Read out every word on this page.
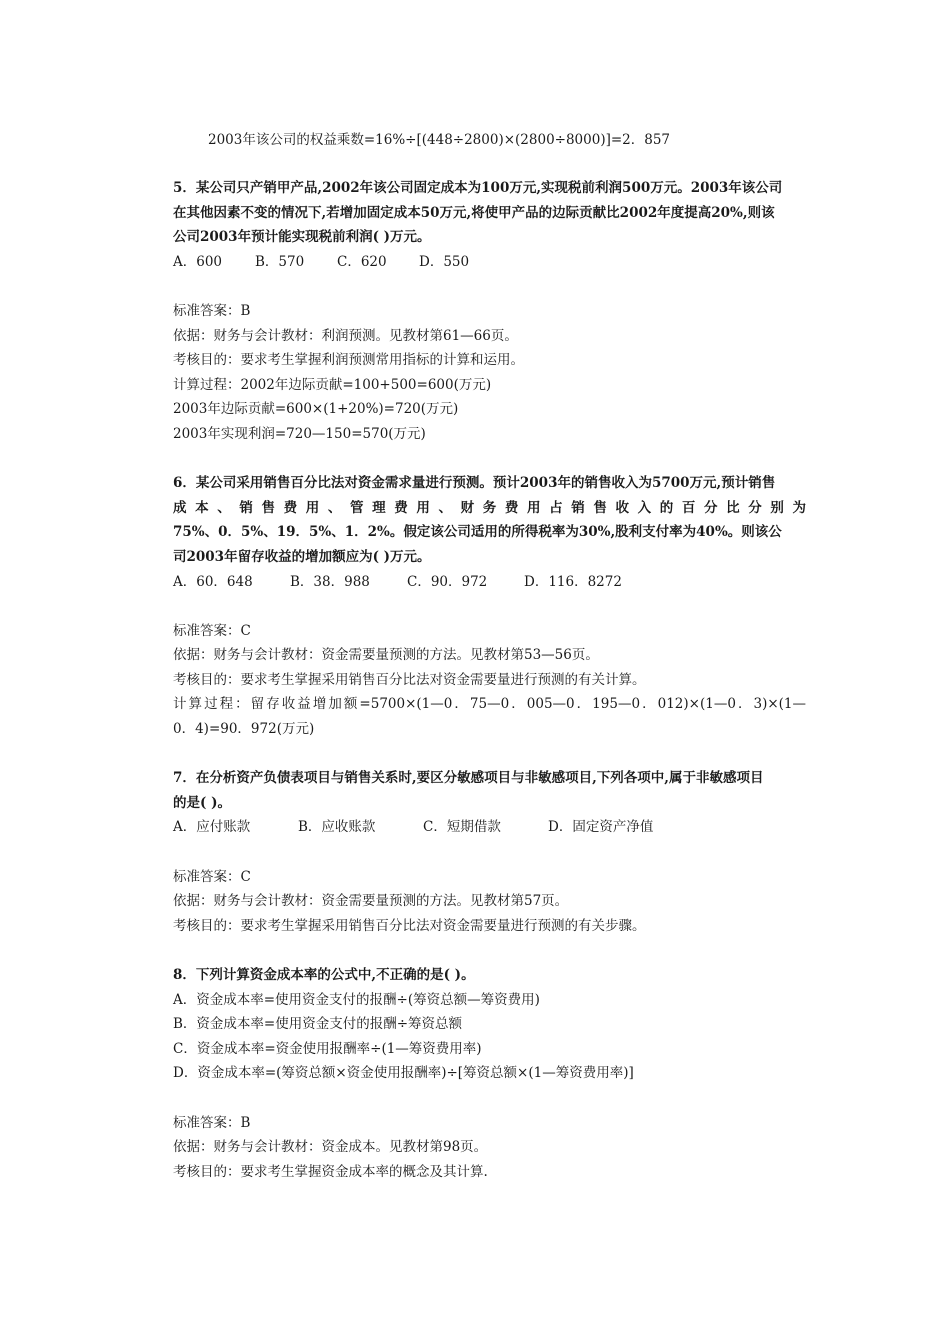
2003年该公司的权益乘数=16%÷[(448÷2800)×(2800÷8000)]=2．857
5．某公司只产销甲产品,2002年该公司固定成本为100万元,实现税前利润500万元。2003年该公司
在其他因素不变的情况下,若增加固定成本50万元,将使甲产品的边际贡献比2002年度提高20%,则该
公司2003年预计能实现税前利润( )万元。
A．600	B．570	C．620	D．550
标准答案：B
依据：财务与会计教材：利润预测。见教材第61—66页。
考核目的：要求考生掌握利润预测常用指标的计算和运用。
计算过程：2002年边际贡献=100+500=600(万元)
2003年边际贡献=600×(1+20%)=720(万元)
2003年实现利润=720—150=570(万元)
6．某公司采用销售百分比法对资金需求量进行预测。预计2003年的销售收入为5700万元,预计销售
成本、销售费用、管理费用、财务费用占销售收入的百分比分别为
75%、0．5%、19．5%、1．2%。假定该公司适用的所得税率为30%,股利支付率为40%。则该公
司2003年留存收益的增加额应为( )万元。
A．60．648	B．38．988	C．90．972	D．116．8272
标准答案：C
依据：财务与会计教材：资金需要量预测的方法。见教材第53—56页。
考核目的：要求考生掌握采用销售百分比法对资金需要量进行预测的有关计算。
计算过程：留存收益增加额=5700×(1—0．75—0．005—0．195—0．012)×(1—0．3)×(1—
0．4)=90．972(万元)
7．在分析资产负债表项目与销售关系时,要区分敏感项目与非敏感项目,下列各项中,属于非敏感项目
的是( )。
A．应付账款	B．应收账款	C．短期借款	D．固定资产净值
标准答案：C
依据：财务与会计教材：资金需要量预测的方法。见教材第57页。
考核目的：要求考生掌握采用销售百分比法对资金需要量进行预测的有关步骤。
8．下列计算资金成本率的公式中,不正确的是( )。
A．资金成本率=使用资金支付的报酬÷(筹资总额—筹资费用)
B．资金成本率=使用资金支付的报酬÷筹资总额
C．资金成本率=资金使用报酬率÷(1—筹资费用率)
D．资金成本率=(筹资总额×资金使用报酬率)÷[筹资总额×(1—筹资费用率)]
标准答案：B
依据：财务与会计教材：资金成本。见教材第98页。
考核目的：要求考生掌握资金成本率的概念及其计算.
